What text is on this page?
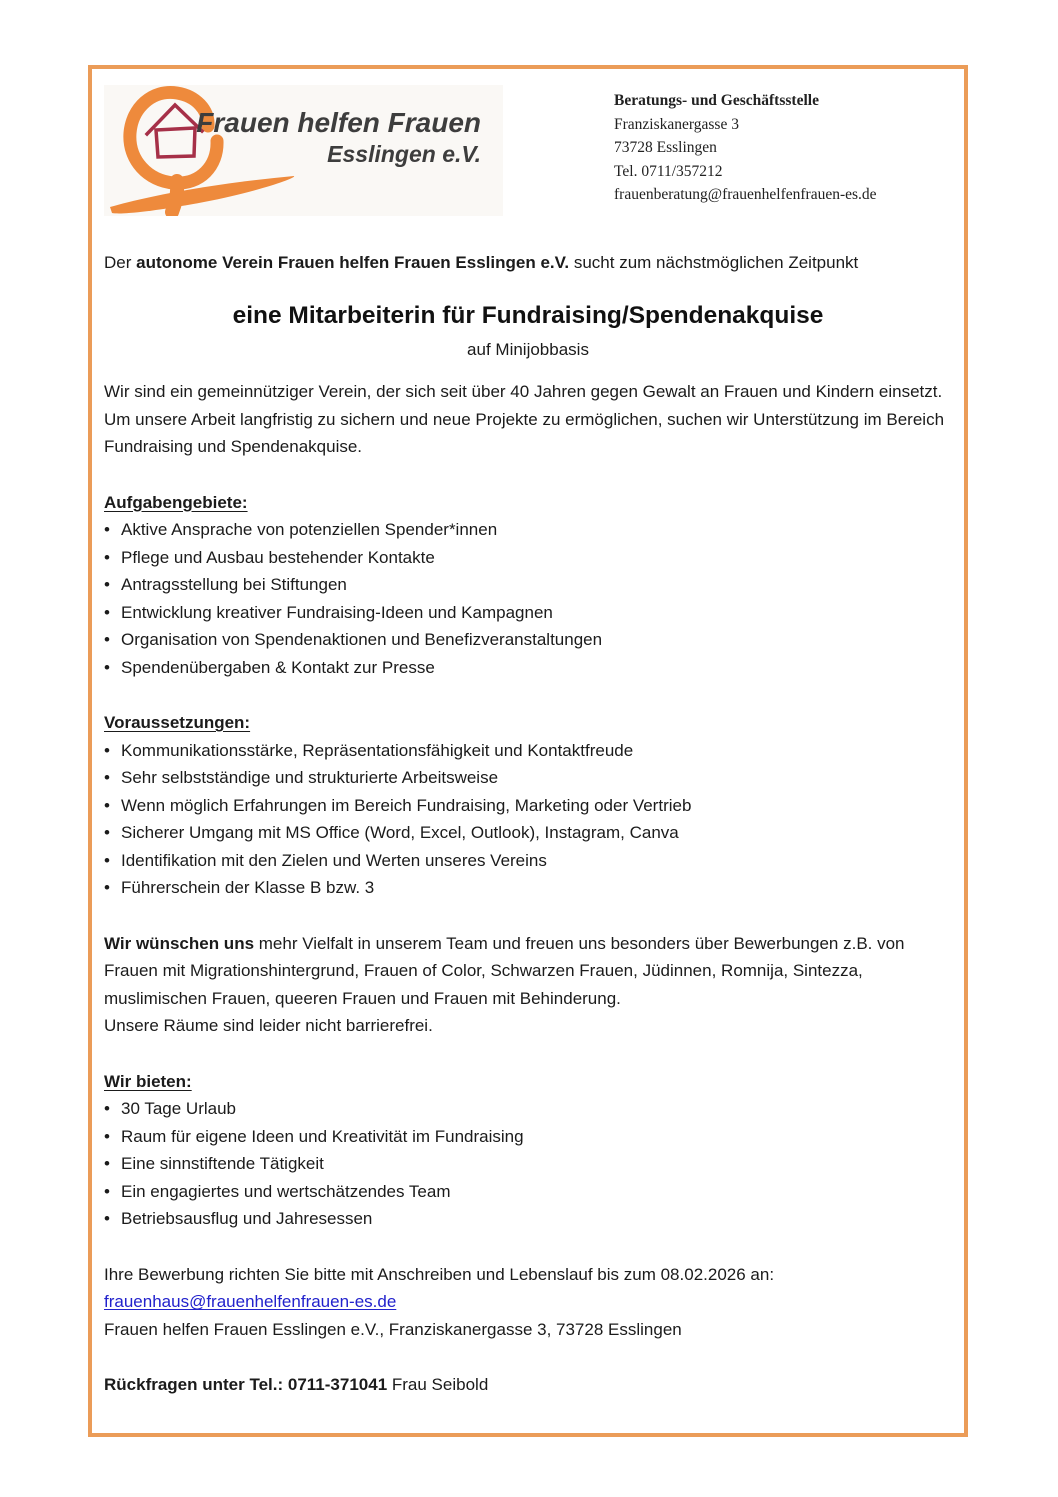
Frauen helfen Frauen
Esslingen e.V.
Beratungs- und Geschäftsstelle
Franziskanergasse 3
73728 Esslingen
Tel. 0711/357212
frauenberatung@frauenhelfenfrauen-es.de

Der autonome Verein Frauen helfen Frauen Esslingen e.V. sucht zum nächstmöglichen Zeitpunkt

eine Mitarbeiterin für Fundraising/Spendenakquise

auf Minijobbasis

Wir sind ein gemeinnütziger Verein, der sich seit über 40 Jahren gegen Gewalt an Frauen und Kindern einsetzt. Um unsere Arbeit langfristig zu sichern und neue Projekte zu ermöglichen, suchen wir Unterstützung im Bereich Fundraising und Spendenakquise.

Aufgabengebiete:
• Aktive Ansprache von potenziellen Spender*innen
• Pflege und Ausbau bestehender Kontakte
• Antragsstellung bei Stiftungen
• Entwicklung kreativer Fundraising-Ideen und Kampagnen
• Organisation von Spendenaktionen und Benefizveranstaltungen
• Spendenübergaben & Kontakt zur Presse
Voraussetzungen:
• Kommunikationsstärke, Repräsentationsfähigkeit und Kontaktfreude
• Sehr selbstständige und strukturierte Arbeitsweise
• Wenn möglich Erfahrungen im Bereich Fundraising, Marketing oder Vertrieb
• Sicherer Umgang mit MS Office (Word, Excel, Outlook), Instagram, Canva
• Identifikation mit den Zielen und Werten unseres Vereins
• Führerschein der Klasse B bzw. 3

Wir wünschen uns mehr Vielfalt in unserem Team und freuen uns besonders über Bewerbungen z.B. von Frauen mit Migrationshintergrund, Frauen of Color, Schwarzen Frauen, Jüdinnen, Romnija, Sintezza, muslimischen Frauen, queeren Frauen und Frauen mit Behinderung.
Unsere Räume sind leider nicht barrierefrei.

Wir bieten:
• 30 Tage Urlaub
• Raum für eigene Ideen und Kreativität im Fundraising
• Eine sinnstiftende Tätigkeit
• Ein engagiertes und wertschätzendes Team
• Betriebsausflug und Jahresessen

Ihre Bewerbung richten Sie bitte mit Anschreiben und Lebenslauf bis zum 08.02.2026 an:
frauenhaus@frauenhelfenfrauen-es.de
Frauen helfen Frauen Esslingen e.V., Franziskanergasse 3, 73728 Esslingen

Rückfragen unter Tel.: 0711-371041 Frau Seibold
